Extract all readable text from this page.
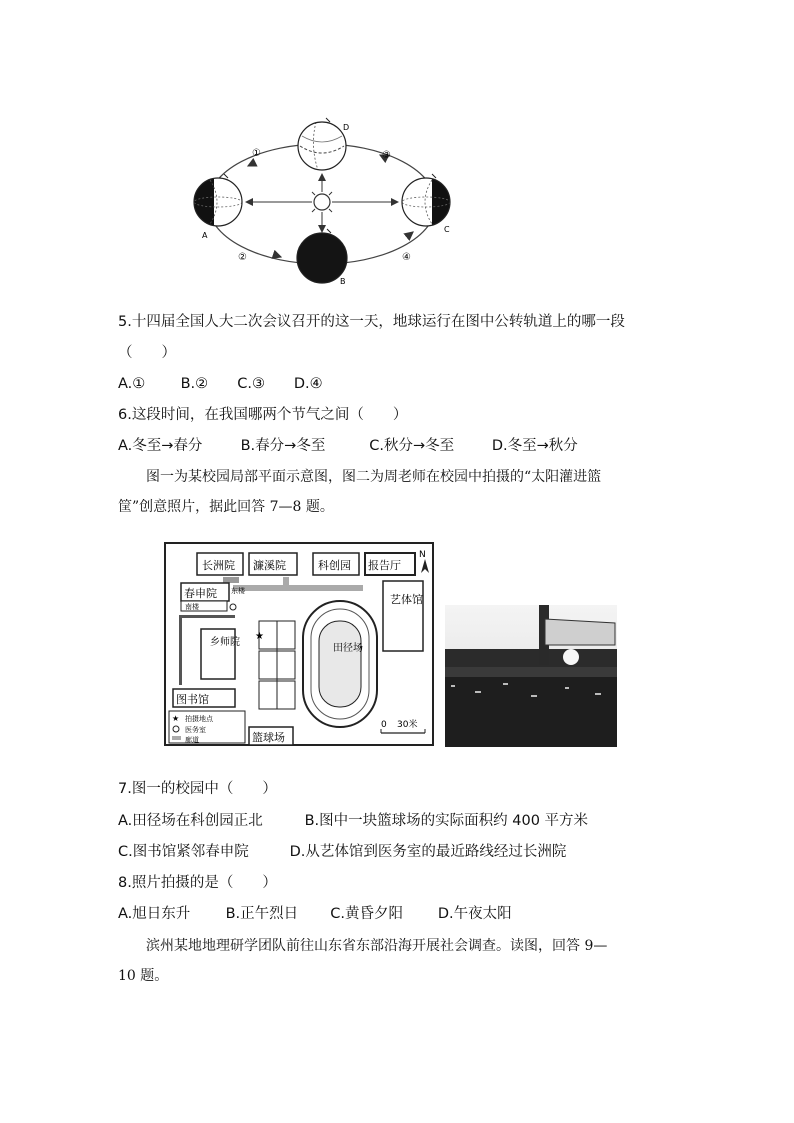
A
B
C
D
①
②
③
④
5.十四届全国人大二次会议召开的这一天，地球运行在图中公转轨道上的哪一段
（　　）
A.① B.② C.③ D.④
6.这段时间，在我国哪两个节气之间（　　）
A.冬至→春分	B.春分→冬至	C.秋分→冬至	D.冬至→秋分
图一为某校园局部平面示意图，图二为周老师在校园中拍摄的“太阳灌进篮
筐”创意照片，据此回答 7—8 题。
长洲院 濂溪院	科创园 报告厅
N
春申院 东楼
南楼
艺体馆
乡师院
田径场
★
图书馆
★ 拍摄地点
医务室
廊道	篮球场
0 30米
7.图一的校园中（　　）
A.田径场在科创园正北	B.图中一块篮球场的实际面积约 400 平方米
C.图书馆紧邻春申院	D.从艺体馆到医务室的最近路线经过长洲院
8.照片拍摄的是（　　）
A.旭日东升 B.正午烈日 C.黄昏夕阳 D.午夜太阳
滨州某地地理研学团队前往山东省东部沿海开展社会调查。读图，回答 9—
10 题。
